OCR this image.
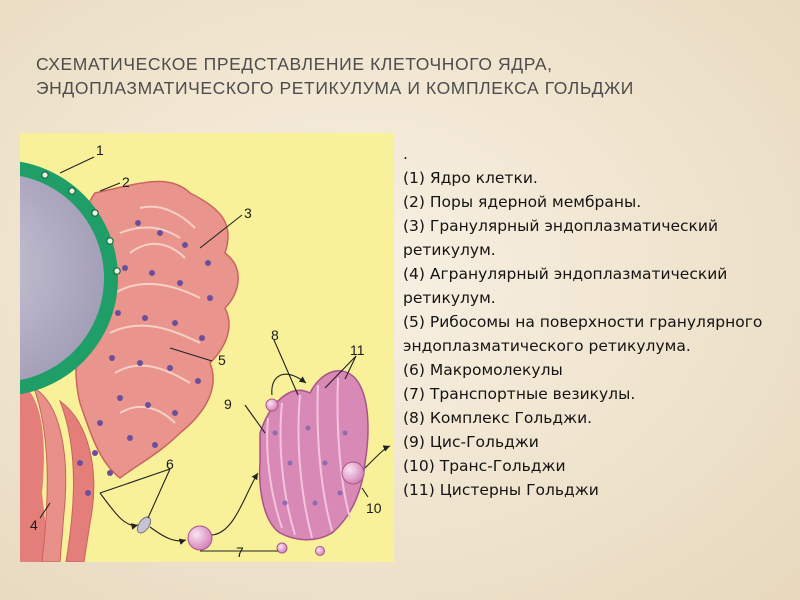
СХЕМАТИЧЕСКОЕ ПРЕДСТАВЛЕНИЕ КЛЕТОЧНОГО ЯДРА,
ЭНДОПЛАЗМАТИЧЕСКОГО РЕТИКУЛУМА И КОМПЛЕКСА ГОЛЬДЖИ
1
2
3
4
5
6
7
8
9
10
11
.
(1) Ядро клетки.
(2) Поры ядерной мембраны.
(3) Гранулярный эндоплазматический ретикулум.
(4) Агранулярный эндоплазматический ретикулум.
(5) Рибосомы на поверхности гранулярного эндоплазматического ретикулума.
(6) Макромолекулы
(7) Транспортные везикулы.
(8) Комплекс Гольджи.
(9) Цис-Гольджи
(10) Транс-Гольджи
(11) Цистерны Гольджи
